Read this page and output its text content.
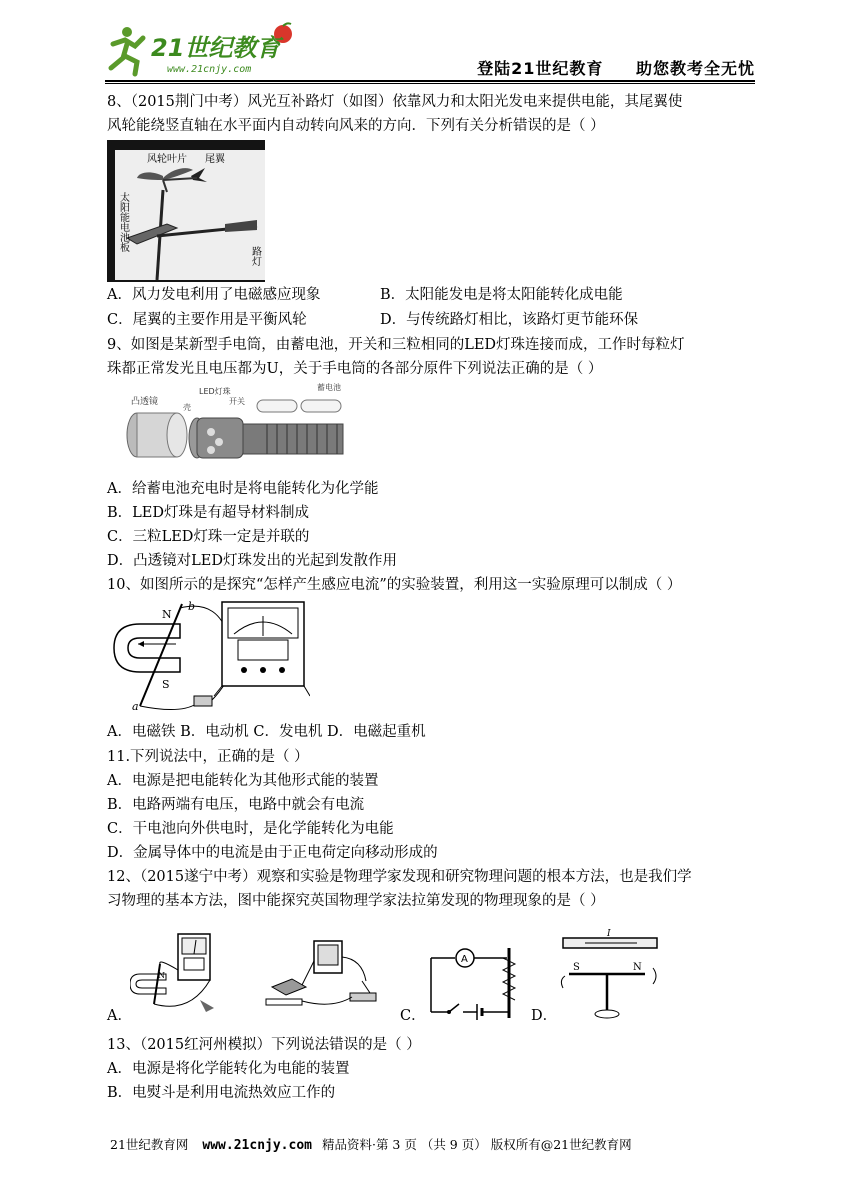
21世纪教育
www.21cnjy.com	登陆21世纪教育 助您教考全无忧
8、（2015荆门中考）风光互补路灯（如图）依靠风力和太阳光发电来提供电能，其尾翼使
风轮能绕竖直轴在水平面内自动转向风来的方向．下列有关分析错误的是（ ）
风轮叶片 尾翼
路灯
太阳能电池板
A．风力发电利用了电磁感应现象	B．太阳能发电是将太阳能转化成电能
C．尾翼的主要作用是平衡风轮	D．与传统路灯相比，该路灯更节能环保
9、如图是某新型手电筒，由蓄电池，开关和三粒相同的LED灯珠连接而成，工作时每粒灯
珠都正常发光且电压都为U，关于手电筒的各部分原件下列说法正确的是（ ）
凸透镜
LED灯珠
开关
蓄电池
壳
A．给蓄电池充电时是将电能转化为化学能
B．LED灯珠是有超导材料制成
C．三粒LED灯珠一定是并联的
D．凸透镜对LED灯珠发出的光起到发散作用
10、如图所示的是探究“怎样产生感应电流”的实验装置，利用这一实验原理可以制成（ ）
N
S
b
a
A．电磁铁 B．电动机 C．发电机 D．电磁起重机
11.下列说法中，正确的是（ ）
A．电源是把电能转化为其他形式能的装置
B．电路两端有电压，电路中就会有电流
C．干电池向外供电时，是化学能转化为电能
D．金属导体中的电流是由于正电荷定向移动形成的
12、（2015遂宁中考）观察和实验是物理学家发现和研究物理问题的根本方法，也是我们学
习物理的基本方法，图中能探究英国物理学家法拉第发现的物理现象的是（ ）
A．
N
C．
A
D．
I
S	N
13、（2015红河州模拟）下列说法错误的是（ ）
A．电源是将化学能转化为电能的装置
B．电熨斗是利用电流热效应工作的
21世纪教育网 www.21cnjy.com 精品资料·第 3 页 （共 9 页） 版权所有@21世纪教育网
